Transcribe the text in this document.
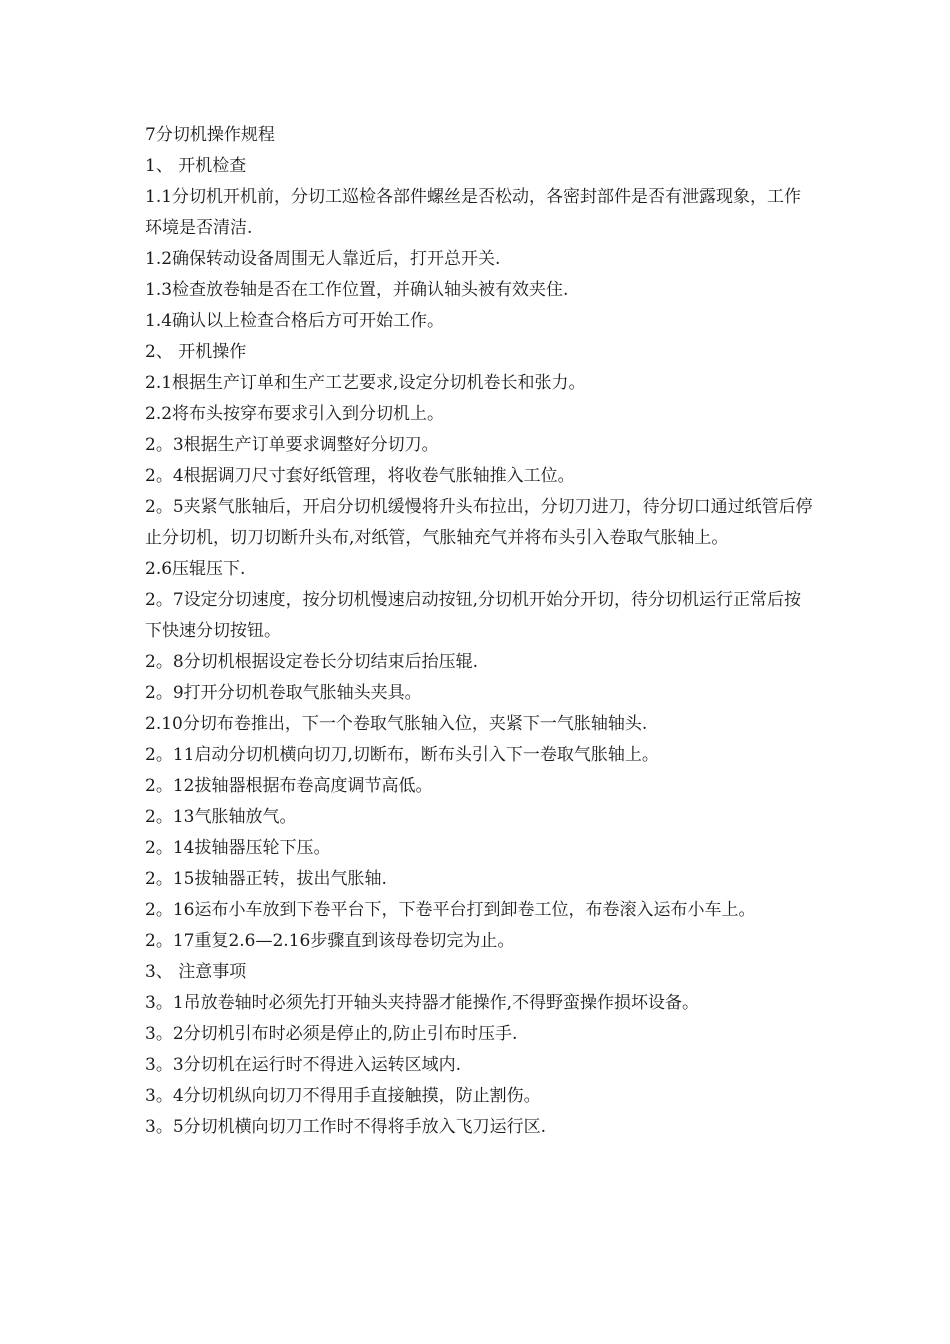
7分切机操作规程

1、 开机检查

1.1分切机开机前，分切工巡检各部件螺丝是否松动，各密封部件是否有泄露现象，工作环境是否清洁.

1.2确保转动设备周围无人靠近后，打开总开关.

1.3检查放卷轴是否在工作位置，并确认轴头被有效夹住.

1.4确认以上检查合格后方可开始工作。

2、 开机操作

2.1根据生产订单和生产工艺要求,设定分切机卷长和张力。

2.2将布头按穿布要求引入到分切机上。

2。3根据生产订单要求调整好分切刀。

2。4根据调刀尺寸套好纸管理，将收卷气胀轴推入工位。

2。5夹紧气胀轴后，开启分切机缓慢将升头布拉出，分切刀进刀，待分切口通过纸管后停止分切机，切刀切断升头布,对纸管，气胀轴充气并将布头引入卷取气胀轴上。

2.6压辊压下.

2。7设定分切速度，按分切机慢速启动按钮,分切机开始分开切，待分切机运行正常后按下快速分切按钮。

2。8分切机根据设定卷长分切结束后抬压辊.

2。9打开分切机卷取气胀轴头夹具。

2.10分切布卷推出，下一个卷取气胀轴入位，夹紧下一气胀轴轴头.

2。11启动分切机横向切刀,切断布，断布头引入下一卷取气胀轴上。

2。12拔轴器根据布卷高度调节高低。

2。13气胀轴放气。

2。14拔轴器压轮下压。

2。15拔轴器正转，拔出气胀轴.

2。16运布小车放到下卷平台下，下卷平台打到卸卷工位，布卷滚入运布小车上。

2。17重复2.6—2.16步骤直到该母卷切完为止。

3、 注意事项

3。1吊放卷轴时必须先打开轴头夹持器才能操作,不得野蛮操作损坏设备。

3。2分切机引布时必须是停止的,防止引布时压手.

3。3分切机在运行时不得进入运转区域内.

3。4分切机纵向切刀不得用手直接触摸，防止割伤。

3。5分切机横向切刀工作时不得将手放入飞刀运行区.
